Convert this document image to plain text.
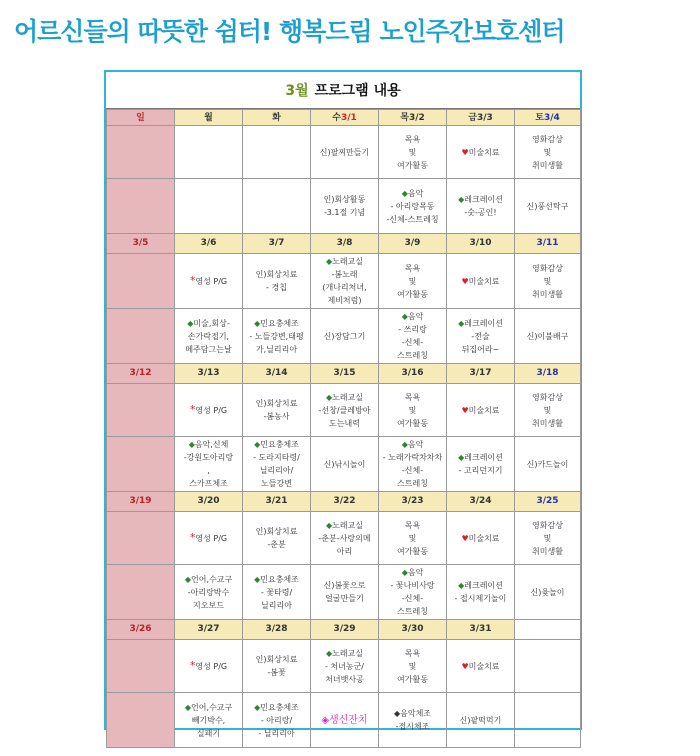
어르신들의 따뜻한 쉼터! 행복드림 노인주간보호센터
3월 프로그램 내용
일	월	화	수3/1	목3/2	금3/3	토3/4
			신)팔찌만들기	목욕
및
여가활동	♥미술치료	영화감상
및
취미생활
			인)회상활동
-3.1절 기념	◆음악
- 아리랑목동
-신체-스트레칭	◆레크레이션
-숫-공인!	신)풍선탁구
3/5	3/6	3/7	3/8	3/9	3/10	3/11
	*영성 P/G	인)회상치료
- 경칩	◆노래교실
-봄노래
(개나리처녀,
제비처럼)	목욕
및
여가활동	♥미술치료	영화감상
및
취미생활
	◆미술,회상-
손가락접기,
메주담그는날	◆민요충체조
- 노들강변,태평
가,닐리리아	신)장담그기	◆음악
- 쓰리랑
-신체-
스트레칭	◆레크레이션
-전술
뒤집어라~	신)이불배구
3/12	3/13	3/14	3/15	3/16	3/17	3/18
	*영성 P/G	인)회상치료
-봄농사	◆노래교실
-선창/클레방아
도는내력	목욕
및
여가활동	♥미술치료	영화감상
및
취미생활
	◆음악,신체
-강원도아리랑
,
스카프체조	◆민요충체조
- 도라지타령/
닐리리아/
노들강변	신)낚시놀이	◆음악
- 노래가락차차차
-신체-
스트레칭	◆레크레이션
- 고리던지기	신)카드놀이
3/19	3/20	3/21	3/22	3/23	3/24	3/25
	*영성 P/G	인)회상치료
-춘분	◆노래교실
-춘분-사랑의메
아리	목욕
및
여가활동	♥미술치료	영화감상
및
취미생활
	◆언어,수교구
-아리랑박수
지오보드	◆민요충체조
- 꽃타령/
닐리리아	신)봄꽃으로
얼굴만들기	◆음악
- 꽃나비사랑
-신체-
스트레칭	◆레크레이션
- 접시제기놀이	신)윷놀이
3/26	3/27	3/28	3/29	3/30	3/31	
	*영성 P/G	인)회상치료
-봄꽃	◆노래교실
- 처녀농군/
처녀뱃사공	목욕
및
여가활동	♥미술치료	
	◆언어,수교구
빼기박수,
실패기	◆민요충체조
- 아리랑/
- 닐리리아	◈생신잔치	◆음악체조
-접시체조	신)팥떡먹기	
